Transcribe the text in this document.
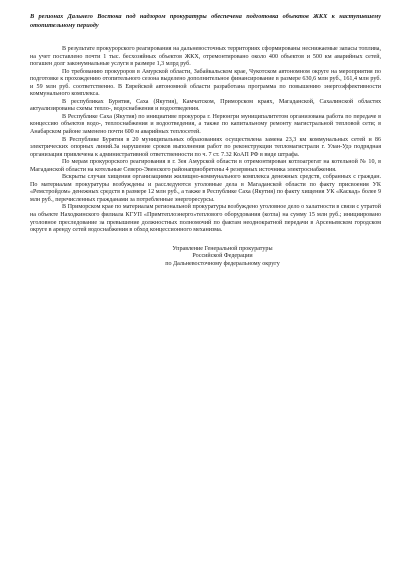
В регионах Дальнего Востока под надзором прокуратуры обеспечена подготовка объектов ЖКХ к наступившему отопительному периоду

В результате прокурорского реагирования на дальневосточных территориях сформированы неснижаемые запасы топлива, на учет поставлено почти 1 тыс. бесхозяйных объектов ЖКХ, отремонтировано около 400 объектов и 500 км аварийных сетей, погашен долг законумнальные услуги в размере 1,3 млрд руб.

По требованию прокуроров в Амурской области, Забайкальском крае, Чукотском автономном округе на мероприятия по подготовке к прохождению отопительного сезона выделено дополнительное финансирование в размере 630,6 млн руб., 161,4 млн руб. и 59 млн руб. соответственно. В Еврейской автономной области разработана программа по повышению энергоэффективности коммунального комплекса.

В республиках Бурятия, Саха (Якутия), Камчатском, Приморском краях, Магаданской, Сахалинской областях актуализированы схемы тепло-, водоснабжения и водоотведения.

В Республике Саха (Якутия) по инициативе прокурора г. Нерюнгри муниципалитетом организована работа по передаче в концессию объектов водо-, теплоснабжения и водоотведения, а также по капитальному ремонту магистральной тепловой сети; в Анабарском районе заменено почти 600 м аварийных теплосетей.

В Республике Бурятия в 20 муниципальных образованиях осуществлена замена 23,3 км коммунальных сетей и 86 электрических опорных линий.За нарушение сроков выполнения работ по реконструкции тепломагистрали г. Улан-Удэ подрядная организация привлечена к административной ответственности по ч. 7 ст. 7.32 КоАП РФ в виде штрафа.

По мерам прокурорского реагирования в г. Зея Амурской области в отремонтирован котлоагрегат на котельной № 10, в Магаданской области на котельные Северо-Эвенского районаприобретены 4 резервных источника электроснабжения.

Вскрыты случаи хищения организациями жилищно-коммунального комплекса денежных средств, собранных с граждан. По материалам прокуратуры возбуждены и расследуются уголовные дела в Магаданской области по факту присвоения УК «Ремстройдом» денежных средств в размере 12 млн руб., а также в Республике Саха (Якутия) по факту хищения УК «Каскад» более 9 млн руб., перечисленных гражданами за потребленные энергоресурсы.

В Приморском крае по материалам региональной прокуратуры возбуждено уголовное дело о халатности в связи с утратой на объекте Находкинского филиала КГУП «Примтеплоэнерго»теплового оборудования (котла) на сумму 15 млн руб.; инициировано уголовное преследование за превышение должностных полномочий по фактам неоднократной передачи в Арсеньевском городском округе в аренду сетей водоснабжения в обход концессионного механизма.

Управление Генеральной прокуратуры
Российской Федерации
по Дальневосточному федеральному округу
